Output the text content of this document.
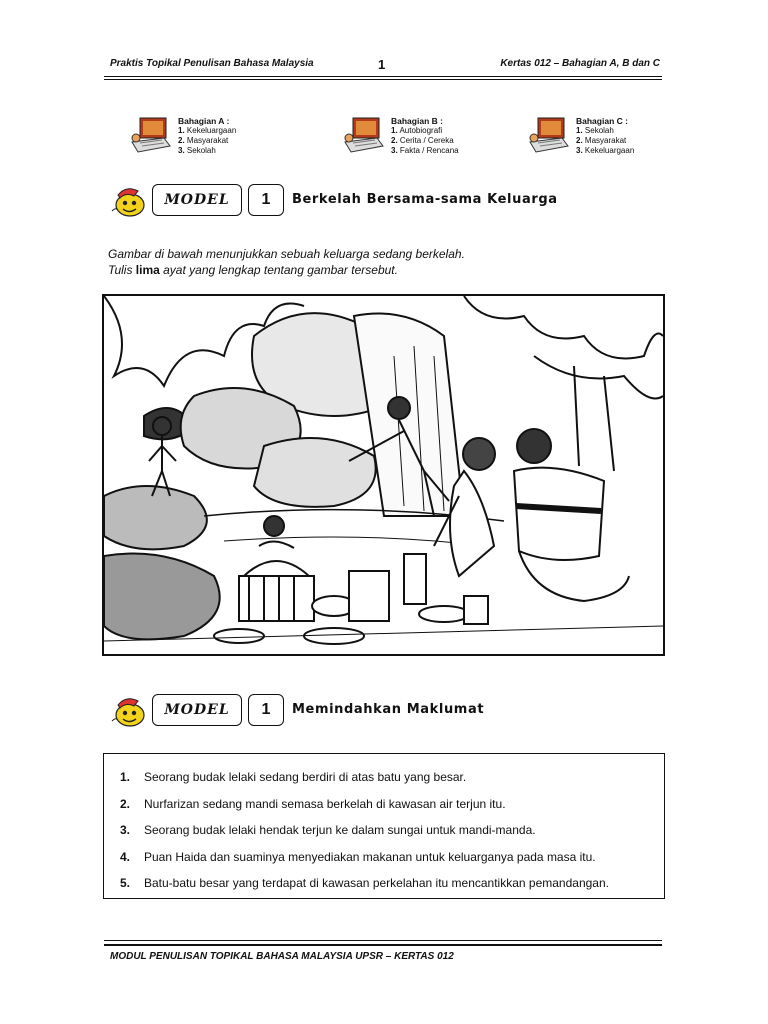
Praktis Topikal Penulisan Bahasa Malaysia	1	Kertas 012 – Bahagian A, B dan C
Bahagian A :
1. Kekeluargaan
2. Masyarakat
3. Sekolah
Bahagian B :
1. Autobiografi
2. Cerita / Cereka
3. Fakta / Rencana
Bahagian C :
1. Sekolah
2. Masyarakat
3. Kekeluargaan
MODEL	1	Berkelah Bersama-sama Keluarga
Gambar di bawah menunjukkan sebuah keluarga sedang berkelah.
Tulis lima ayat yang lengkap tentang gambar tersebut.
MODEL	1	Memindahkan Maklumat
1.	Seorang budak lelaki sedang berdiri di atas batu yang besar.
2.	Nurfarizan sedang mandi semasa berkelah di kawasan air terjun itu.
3.	Seorang budak lelaki hendak terjun ke dalam sungai untuk mandi-manda.
4.	Puan Haida dan suaminya menyediakan makanan untuk keluarganya pada masa itu.
5.	Batu-batu besar yang terdapat di kawasan perkelahan itu mencantikkan pemandangan.
MODUL PENULISAN TOPIKAL BAHASA MALAYSIA UPSR – KERTAS 012
